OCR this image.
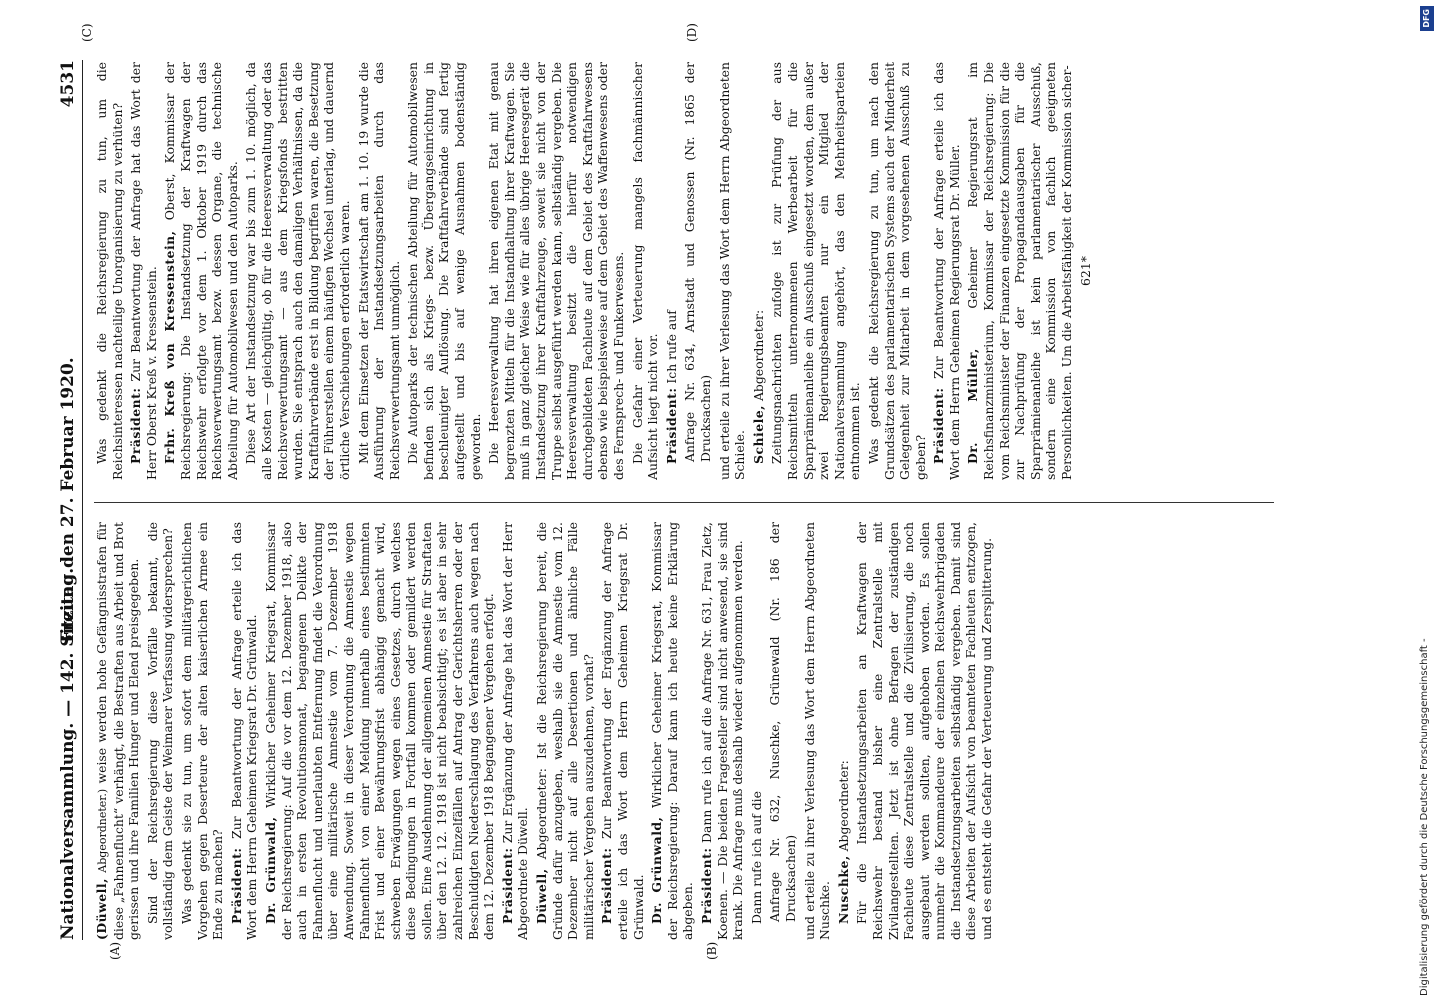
Nationalversammlung. — 142. Sitzung.
Freitag den 27. Februar 1920.
4531
(A)	(B)
(C)	(D)

(Düwell, Abgeordneter.) weise werden hohe Gefängnisstrafen für diese „Fahnenflucht“ verhängt, die Bestraften aus Arbeit und Brot gerissen und ihre Familien Hunger und Elend preisgegeben. Sind der Reichsregierung diese Vorfälle bekannt, die vollständig dem Geiste der Weimarer Verfassung widersprechen? Was gedenkt sie zu tun, um sofort dem militärgerichtlichen Vorgehen gegen Deserteure der alten kaiserlichen Armee ein Ende zu machen? Präsident: Zur Beantwortung der Anfrage erteile ich das Wort dem Herrn Geheimen Kriegsrat Dr. Grünwald. Dr. Grünwald, Wirklicher Geheimer Kriegsrat, Kommissar der Reichsregierung: Auf die vor dem 12. Dezember 1918, also auch in ersten Revolutionsmonat, begangenen Delikte der Fahnenflucht und unerlaubten Entfernung findet die Verordnung über eine militärische Amnestie vom 7. Dezember 1918 Anwendung. Soweit in dieser Verordnung die Amnestie wegen Fahnenflucht von einer Meldung innerhalb eines bestimmten Frist und einer Bewährungsfrist abhängig gemacht wird, schweben Erwägungen wegen eines Gesetzes, durch welches diese Bedingungen in Fortfall kommen oder gemildert werden sollen. Eine Ausdehnung der allgemeinen Amnestie für Straftaten über den 12. 12. 1918 ist nicht beabsichtigt; es ist aber in sehr zahlreichen Einzelfällen auf Antrag der Gerichtsherren oder der Beschuldigten Niederschlagung des Verfahrens auch wegen nach dem 12. Dezember 1918 begangener Vergehen erfolgt. Präsident: Zur Ergänzung der Anfrage hat das Wort der Herr Abgeordnete Düwell. Düwell, Abgeordneter: Ist die Reichsregierung bereit, die Gründe dafür anzugeben, weshalb sie die Amnestie vom 12. Dezember nicht auf alle Desertionen und ähnliche Fälle militärischer Vergehen auszudehnen, vorhat? Präsident: Zur Beantwortung der Ergänzung der Anfrage erteile ich das Wort dem Herrn Geheimen Kriegsrat Dr. Grünwald. Dr. Grünwald, Wirklicher Geheimer Kriegsrat, Kommissar der Reichsregierung: Darauf kann ich heute keine Erklärung abgeben. Präsident: Dann rufe ich auf die Anfrage Nr. 631, Frau Zietz, Koenen. — Die beiden Fragesteller sind nicht anwesend, sie sind krank. Die Anfrage muß deshalb wieder aufgenommen werden. Dann rufe ich auf die Anfrage Nr. 632, Nuschke, Grünewald (Nr. 186 der Drucksachen) und erteile zu ihrer Verlesung das Wort dem Herrn Abgeordneten Nuschke. Nuschke, Abgeordneter: Für die Instandsetzungsarbeiten an Kraftwagen der Reichswehr bestand bisher eine Zentralstelle mit Zivilangestellten. Jetzt ist ohne Befragen der zuständigen Fachleute diese Zentralstelle und die Zivilisierung, die noch ausgebaut werden sollten, aufgehoben worden. Es sollen nunmehr die Kommandeure der einzelnen Reichswehrbrigaden die Instandsetzungsarbeiten selbständig vergeben. Damit sind diese Arbeiten der Aufsicht von beamteten Fachleuten entzogen, und es entsteht die Gefahr der Verteuerung und Zersplitterung.

Was gedenkt die Reichsregierung zu tun, um die Reichsinteressen nachteilige Unorganisierung zu verhüten? Präsident: Zur Beantwortung der Anfrage hat das Wort der Herr Oberst Kreß v. Kressenstein. Frhr. Kreß von Kressenstein, Oberst, Kommissar der Reichsregierung: Die Instandsetzung der Kraftwagen der Reichswehr erfolgte vor dem 1. Oktober 1919 durch das Reichsverwertungsamt bezw. dessen Organe, die technische Abteilung für Automobilwesen und den Autoparks. Diese Art der Instandsetzung war bis zum 1. 10. möglich, da alle Kosten — gleichgültig, ob für die Heeresverwaltung oder das Reichsverwertungsamt — aus dem Kriegsfonds bestritten wurden. Sie entsprach auch den damaligen Verhältnissen, da die Kraftfahrverbände erst in Bildung begriffen waren, die Besetzung der Führerstellen einem häufigen Wechsel unterlag, und dauernd örtliche Verschiebungen erforderlich waren. Mit dem Einsetzen der Etatswirtschaft am 1. 10. 19 wurde die Ausführung der Instandsetzungsarbeiten durch das Reichsverwertungsamt unmöglich. Die Autoparks der technischen Abteilung für Automobilwesen befinden sich als Kriegs- bezw. Übergangseinrichtung in beschleunigter Auflösung. Die Kraftfahrverbände sind fertig aufgestellt und bis auf wenige Ausnahmen bodenständig geworden. Die Heeresverwaltung hat ihren eigenen Etat mit genau begrenzten Mitteln für die Instandhaltung ihrer Kraftwagen. Sie muß in ganz gleicher Weise wie für alles übrige Heeresgerät die Instandsetzung ihrer Kraftfahrzeuge, soweit sie nicht von der Truppe selbst ausgeführt werden kann, selbständig vergeben. Die Heeresverwaltung besitzt die hierfür notwendigen durchgebildeten Fachleute auf dem Gebiet des Kraftfahrwesens ebenso wie beispielsweise auf dem Gebiet des Waffenwesens oder des Fernsprech- und Funkerwesens. Die Gefahr einer Verteuerung mangels fachmännischer Aufsicht liegt nicht vor. Präsident: Ich rufe auf Anfrage Nr. 634, Arnstadt und Genossen (Nr. 1865 der Drucksachen) und erteile zu ihrer Verlesung das Wort dem Herrn Abgeordneten Schiele. Schiele, Abgeordneter: Zeitungsnachrichten zufolge ist zur Prüfung der aus Reichsmitteln unternommenen Werbearbeit für die Sparprämienanleihe ein Ausschuß eingesetzt worden, dem außer zwei Regierungsbeamten nur ein Mitglied der Nationalversammlung angehört, das den Mehrheitsparteien entnommen ist. Was gedenkt die Reichsregierung zu tun, um nach den Grundsätzen des parlamentarischen Systems auch der Minderheit Gelegenheit zur Mitarbeit in dem vorgesehenen Ausschuß zu geben? Präsident: Zur Beantwortung der Anfrage erteile ich das Wort dem Herrn Geheimen Regierungsrat Dr. Müller. Dr. Müller, Geheimer Regierungsrat im Reichsfinanzministerium, Kommissar der Reichsregierung: Die vom Reichsminister der Finanzen eingesetzte Kommission für die zur Nachprüfung der Propagandaausgaben für die Sparprämienanleihe ist kein parlamentarischer Ausschuß, sondern eine Kommission von fachlich geeigneten Personlichkeiten. Um die Arbeitsfähigkeit der Kommission sicher- 621*

Digitalisierung gefördert durch die Deutsche Forschungsgemeinschaft -
DFG
